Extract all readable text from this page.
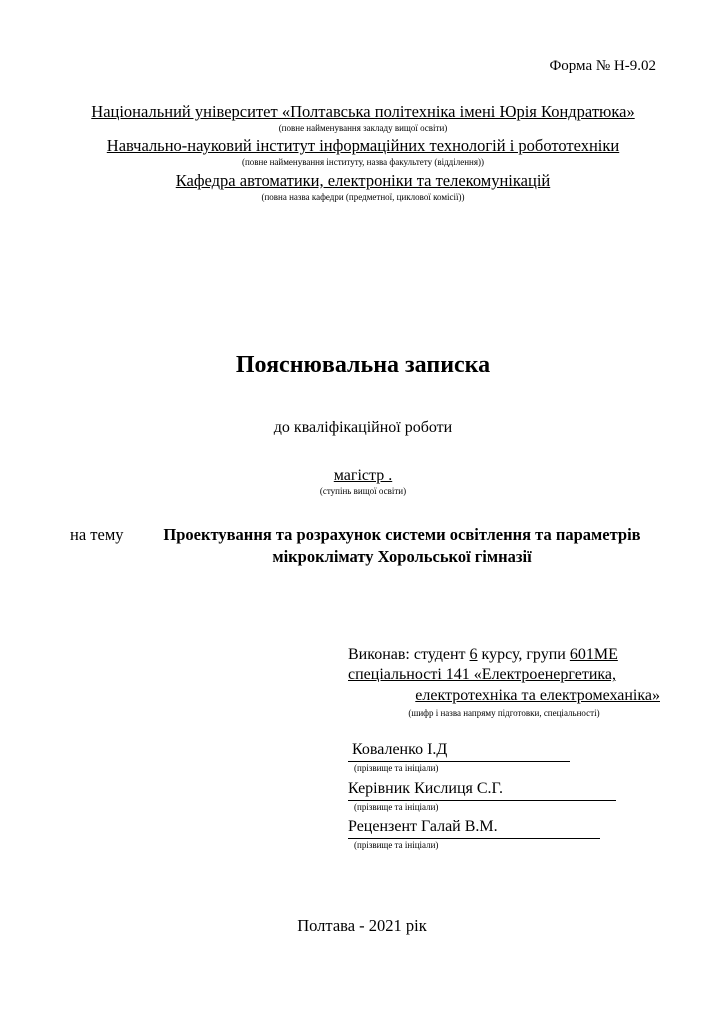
Форма № Н-9.02
Національний університет «Полтавська політехніка імені Юрія Кондратюка»
(повне найменування закладу вищої освіти)
Навчально-науковий інститут інформаційних технологій і робототехніки
(повне найменування інституту, назва факультету (відділення))
Кафедра автоматики, електроніки та телекомунікацій
(повна назва кафедри (предметної, циклової комісії))
Пояснювальна записка
до кваліфікаційної роботи
магістр .
(ступінь вищої освіти)
на тему	Проектування та розрахунок системи освітлення та параметрів мікроклімату Хорольської гімназії
Виконав: студент 6 курсу, групи 601МЕ
спеціальності 141 «Електроенергетика,
електротехніка та електромеханіка»
(шифр і назва напряму підготовки, спеціальності)
Коваленко І.Д
(прізвище та ініціали)
Керівник Кислиця С.Г.
(прізвище та ініціали)
Рецензент Галай В.М.
(прізвище та ініціали)
Полтава - 2021 рік
